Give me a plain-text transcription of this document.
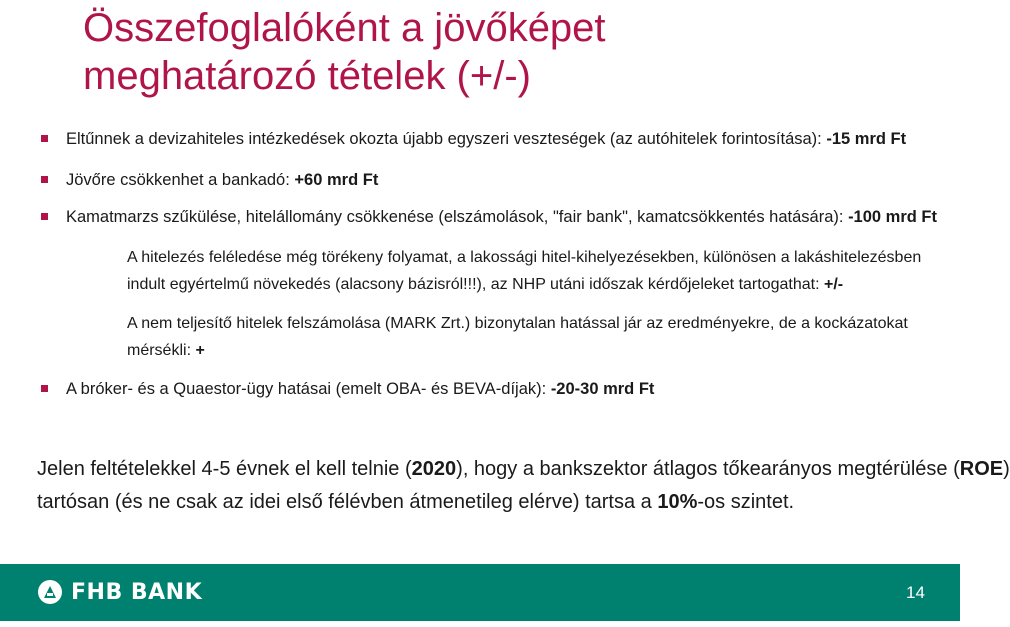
Összefoglalóként a jövőképet
meghatározó tételek (+/-)
Eltűnnek a devizahiteles intézkedések okozta újabb egyszeri veszteségek (az autóhitelek forintosítása): -15 mrd Ft
Jövőre csökkenhet a bankadó: +60 mrd Ft
Kamatmarzs szűkülése, hitelállomány csökkenése (elszámolások, "fair bank", kamatcsökkentés hatására): -100 mrd Ft
A hitelezés feléledése még törékeny folyamat, a lakossági hitel-kihelyezésekben, különösen a lakáshitelezésben
indult egyértelmű növekedés (alacsony bázisról!!!), az NHP utáni időszak kérdőjeleket tartogathat: +/-
A nem teljesítő hitelek felszámolása (MARK Zrt.) bizonytalan hatással jár az eredményekre, de a kockázatokat
mérsékli: +
A bróker- és a Quaestor-ügy hatásai (emelt OBA- és BEVA-díjak): -20-30 mrd Ft
Jelen feltételekkel 4-5 évnek el kell telnie (2020), hogy a bankszektor átlagos tőkearányos megtérülése (ROE)
tartósan (és ne csak az idei első félévben átmenetileg elérve) tartsa a 10%-os szintet.
FHB BANK	14
